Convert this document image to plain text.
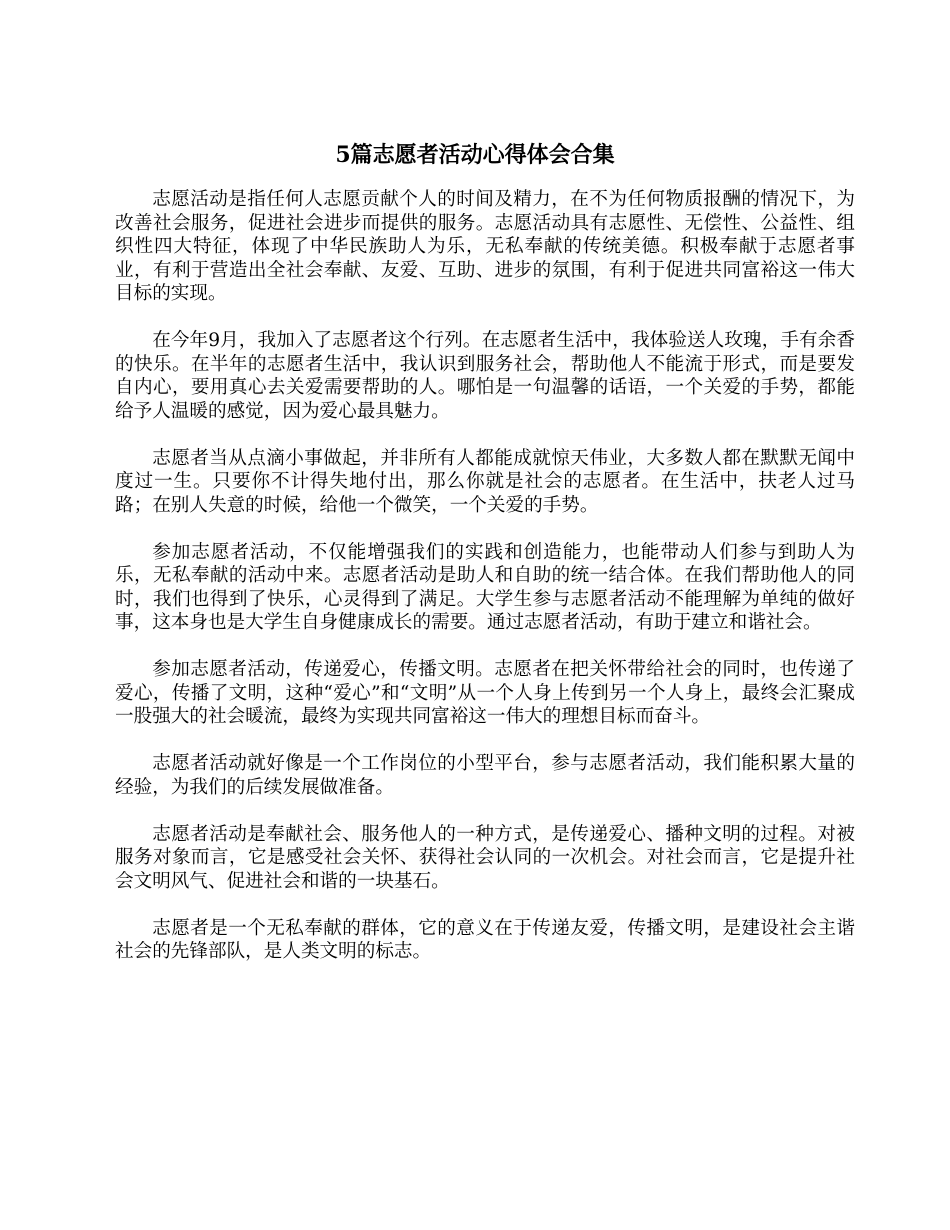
5篇志愿者活动心得体会合集

志愿活动是指任何人志愿贡献个人的时间及精力，在不为任何物质报酬的情况下，为改善社会服务，促进社会进步而提供的服务。志愿活动具有志愿性、无偿性、公益性、组织性四大特征，体现了中华民族助人为乐，无私奉献的传统美德。积极奉献于志愿者事业，有利于营造出全社会奉献、友爱、互助、进步的氛围，有利于促进共同富裕这一伟大目标的实现。

在今年9月，我加入了志愿者这个行列。在志愿者生活中，我体验送人玫瑰，手有余香的快乐。在半年的志愿者生活中，我认识到服务社会，帮助他人不能流于形式，而是要发自内心，要用真心去关爱需要帮助的人。哪怕是一句温馨的话语，一个关爱的手势，都能给予人温暖的感觉，因为爱心最具魅力。

志愿者当从点滴小事做起，并非所有人都能成就惊天伟业，大多数人都在默默无闻中度过一生。只要你不计得失地付出，那么你就是社会的志愿者。在生活中，扶老人过马路；在别人失意的时候，给他一个微笑，一个关爱的手势。

参加志愿者活动，不仅能增强我们的实践和创造能力，也能带动人们参与到助人为乐，无私奉献的活动中来。志愿者活动是助人和自助的统一结合体。在我们帮助他人的同时，我们也得到了快乐，心灵得到了满足。大学生参与志愿者活动不能理解为单纯的做好事，这本身也是大学生自身健康成长的需要。通过志愿者活动，有助于建立和谐社会。

参加志愿者活动，传递爱心，传播文明。志愿者在把关怀带给社会的同时，也传递了爱心，传播了文明，这种“爱心”和“文明”从一个人身上传到另一个人身上，最终会汇聚成一股强大的社会暖流，最终为实现共同富裕这一伟大的理想目标而奋斗。

志愿者活动就好像是一个工作岗位的小型平台，参与志愿者活动，我们能积累大量的经验，为我们的后续发展做准备。

志愿者活动是奉献社会、服务他人的一种方式，是传递爱心、播种文明的过程。对被服务对象而言，它是感受社会关怀、获得社会认同的一次机会。对社会而言，它是提升社会文明风气、促进社会和谐的一块基石。

志愿者是一个无私奉献的群体，它的意义在于传递友爱，传播文明，是建设社会主谐社会的先锋部队，是人类文明的标志。
